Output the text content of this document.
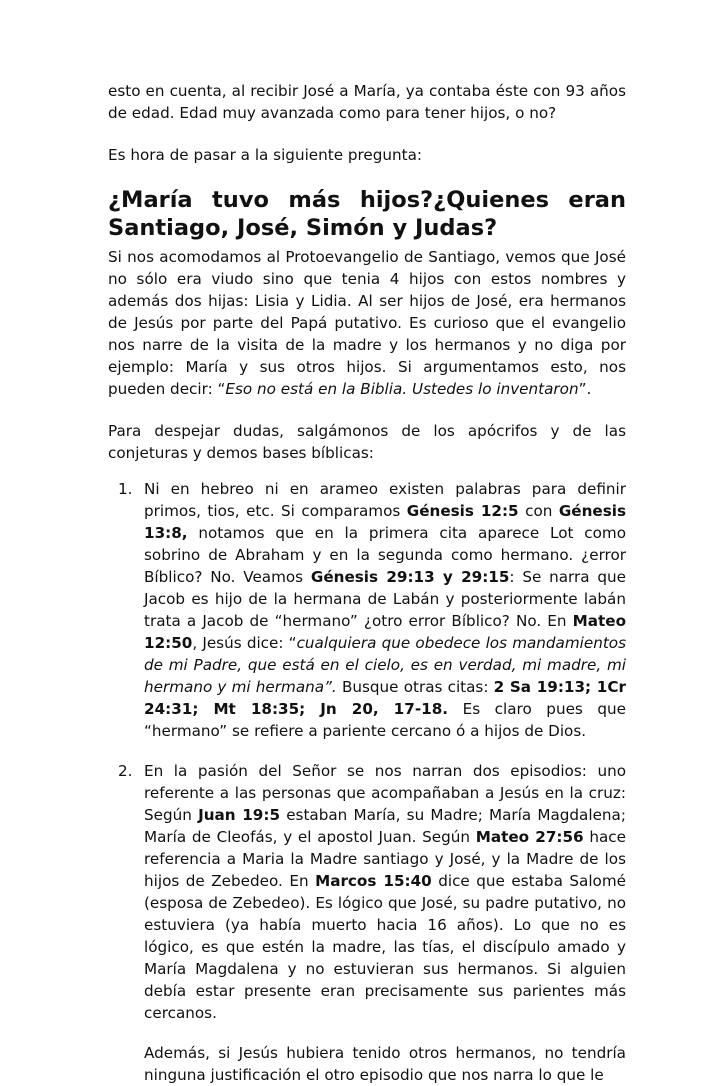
esto en cuenta, al recibir José a María, ya contaba éste con 93 años de edad. Edad muy avanzada como para tener hijos, o no?

Es hora de pasar a la siguiente pregunta:

¿María tuvo más hijos?¿Quienes eran Santiago, José, Simón y Judas?

Si nos acomodamos al Protoevangelio de Santiago, vemos que José no sólo era viudo sino que tenia 4 hijos con estos nombres y además dos hijas: Lisia y Lidia. Al ser hijos de José, era hermanos de Jesús por parte del Papá putativo. Es curioso que el evangelio nos narre de la visita de la madre y los hermanos y no diga por ejemplo: María y sus otros hijos. Si argumentamos esto, nos pueden decir: “Eso no está en la Biblia. Ustedes lo inventaron”.

Para despejar dudas, salgámonos de los apócrifos y de las conjeturas y demos bases bíblicas:

1. Ni en hebreo ni en arameo existen palabras para definir primos, tios, etc. Si comparamos Génesis 12:5 con Génesis 13:8, notamos que en la primera cita aparece Lot como sobrino de Abraham y en la segunda como hermano. ¿error Bíblico? No. Veamos Génesis 29:13 y 29:15: Se narra que Jacob es hijo de la hermana de Labán y posteriormente labán trata a Jacob de “hermano” ¿otro error Bíblico? No. En Mateo 12:50, Jesús dice: “cualquiera que obedece los mandamientos de mi Padre, que está en el cielo, es en verdad, mi madre, mi hermano y mi hermana”. Busque otras citas: 2 Sa 19:13; 1Cr 24:31; Mt 18:35; Jn 20, 17-18. Es claro pues que “hermano” se refiere a pariente cercano ó a hijos de Dios.
2. En la pasión del Señor se nos narran dos episodios: uno referente a las personas que acompañaban a Jesús en la cruz: Según Juan 19:5 estaban María, su Madre; María Magdalena; María de Cleofás, y el apostol Juan. Según Mateo 27:56 hace referencia a Maria la Madre santiago y José, y la Madre de los hijos de Zebedeo. En Marcos 15:40 dice que estaba Salomé (esposa de Zebedeo). Es lógico que José, su padre putativo, no estuviera (ya había muerto hacia 16 años). Lo que no es lógico, es que estén la madre, las tías, el discípulo amado y María Magdalena y no estuvieran sus hermanos. Si alguien debía estar presente eran precisamente sus parientes más cercanos.

Además, si Jesús hubiera tenido otros hermanos, no tendría ninguna justificación el otro episodio que nos narra lo que le
